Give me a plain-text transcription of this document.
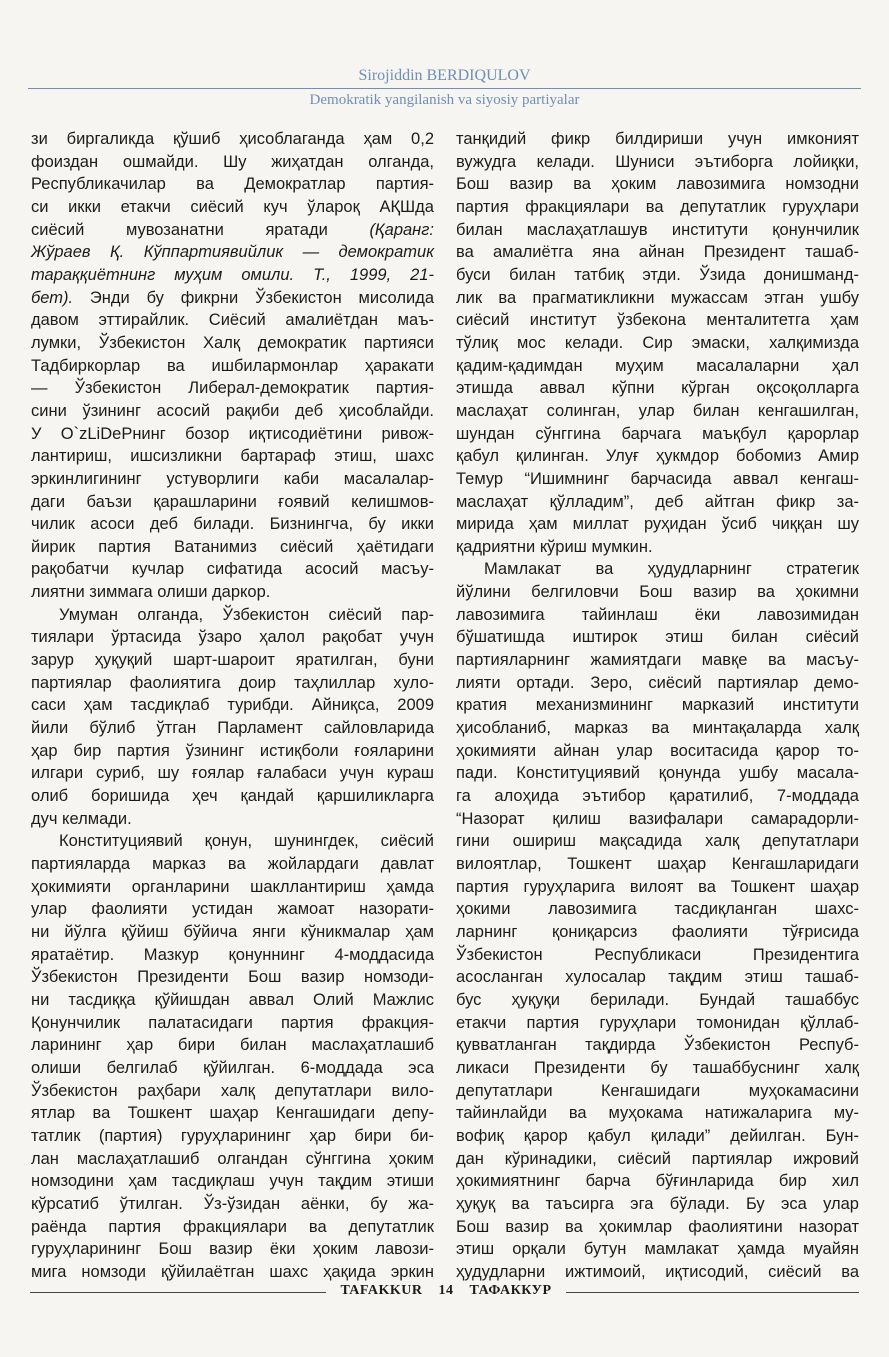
Sirojiddin BERDIQULOV
Demokratik yangilanish va siyosiy partiyalar

зи биргаликда қўшиб ҳисоблаганда ҳам 0,2

фоиздан ошмайди. Шу жиҳатдан олганда,

Республикачилар ва Демократлар партия-

си икки етакчи сиёсий куч ўлароқ АҚШда

сиёсий мувозанатни яратади (Қаранг:

Жўраев Қ. Кўппартиявийлик — демократик

тараққиётнинг муҳим омили. Т., 1999, 21-

бет). Энди бу фикрни Ўзбекистон мисолида

давом эттирайлик. Сиёсий амалиётдан маъ-

лумки, Ўзбекистон Халқ демократик партияси

Тадбиркорлар ва ишбилармонлар ҳаракати

— Ўзбекистон Либерал-демократик партия-

сини ўзининг асосий рақиби деб ҳисоблайди.

У O`zLiDePнинг бозор иқтисодиётини ривож-

лантириш, ишсизликни бартараф этиш, шахс

эркинлигининг устуворлиги каби масалалар-

даги баъзи қарашларини ғоявий келишмов-

чилик асоси деб билади. Бизнингча, бу икки

йирик партия Ватанимиз сиёсий ҳаётидаги

рақобатчи кучлар сифатида асосий масъу-

лиятни зиммага олиши даркор.

Умуман олганда, Ўзбекистон сиёсий пар-

тиялари ўртасида ўзаро ҳалол рақобат учун

зарур ҳуқуқий шарт-шароит яратилган, буни

партиялар фаолиятига доир таҳлиллар хуло-

саси ҳам тасдиқлаб турибди. Айниқса, 2009

йили бўлиб ўтган Парламент сайловларида

ҳар бир партия ўзининг истиқболи ғояларини

илгари суриб, шу ғоялар ғалабаси учун кураш

олиб боришида ҳеч қандай қаршиликларга

дуч келмади.

Конституциявий қонун, шунингдек, сиёсий

партияларда марказ ва жойлардаги давлат

ҳокимияти органларини шакллантириш ҳамда

улар фаолияти устидан жамоат назорати-

ни йўлга қўйиш бўйича янги кўникмалар ҳам

яратаётир. Мазкур қонуннинг 4-моддасида

Ўзбекистон Президенти Бош вазир номзоди-

ни тасдиққа қўйишдан аввал Олий Мажлис

Қонунчилик палатасидаги партия фракция-

ларининг ҳар бири билан маслаҳатлашиб

олиши белгилаб қўйилган. 6-моддада эса

Ўзбекистон раҳбари халқ депутатлари вило-

ятлар ва Тошкент шаҳар Кенгашидаги депу-

татлик (партия) гуруҳларининг ҳар бири би-

лан маслаҳатлашиб олгандан сўнггина ҳоким

номзодини ҳам тасдиқлаш учун тақдим этиши

кўрсатиб ўтилган. Ўз-ўзидан аёнки, бу жа-

раёнда партия фракциялари ва депутатлик

гуруҳларининг Бош вазир ёки ҳоким лавози-

мига номзоди қўйилаётган шахс ҳақида эркин

танқидий фикр билдириши учун имконият

вужудга келади. Шуниси эътиборга лойиқки,

Бош вазир ва ҳоким лавозимига номзодни

партия фракциялари ва депутатлик гуруҳлари

билан маслаҳатлашув институти қонунчилик

ва амалиётга яна айнан Президент ташаб-

буси билан татбиқ этди. Ўзида донишманд-

лик ва прагматикликни мужассам этган ушбу

сиёсий институт ўзбекона менталитетга ҳам

тўлиқ мос келади. Сир эмаски, халқимизда

қадим-қадимдан муҳим масалаларни ҳал

этишда аввал кўпни кўрган оқсоқолларга

маслаҳат солинган, улар билан кенгашилган,

шундан сўнггина барчага маъқбул қарорлар

қабул қилинган. Улуғ ҳукмдор бобомиз Амир

Темур “Ишимнинг барчасида аввал кенгаш-

маслаҳат қўлладим”, деб айтган фикр за-

мирида ҳам миллат руҳидан ўсиб чиққан шу

қадриятни кўриш мумкин.

Мамлакат ва ҳудудларнинг стратегик

йўлини белгиловчи Бош вазир ва ҳокимни

лавозимига тайинлаш ёки лавозимидан

бўшатишда иштирок этиш билан сиёсий

партияларнинг жамиятдаги мавқе ва масъу-

лияти ортади. Зеро, сиёсий партиялар демо-

кратия механизмининг марказий институти

ҳисобланиб, марказ ва минтақаларда халқ

ҳокимияти айнан улар воситасида қарор то-

пади. Конституциявий қонунда ушбу масала-

га алоҳида эътибор қаратилиб, 7-моддада

“Назорат қилиш вазифалари самарадорли-

гини ошириш мақсадида халқ депутатлари

вилоятлар, Тошкент шаҳар Кенгашларидаги

партия гуруҳларига вилоят ва Тошкент шаҳар

ҳокими лавозимига тасдиқланган шахс-

ларнинг қониқарсиз фаолияти тўғрисида

Ўзбекистон Республикаси Президентига

асосланган хулосалар тақдим этиш ташаб-

бус ҳуқуқи берилади. Бундай ташаббус

етакчи партия гуруҳлари томонидан қўллаб-

қувватланган тақдирда Ўзбекистон Респуб-

ликаси Президенти бу ташаббуснинг халқ

депутатлари Кенгашидаги муҳокамасини

тайинлайди ва муҳокама натижаларига му-

вофиқ қарор қабул қилади” дейилган. Бун-

дан кўринадики, сиёсий партиялар ижровий

ҳокимиятнинг барча бўғинларида бир хил

ҳуқуқ ва таъсирга эга бўлади. Бу эса улар

Бош вазир ва ҳокимлар фаолиятини назорат

этиш орқали бутун мамлакат ҳамда муайян

ҳудудларни ижтимоий, иқтисодий, сиёсий ва

TAFAKKUR 14 ТАФАККУР
